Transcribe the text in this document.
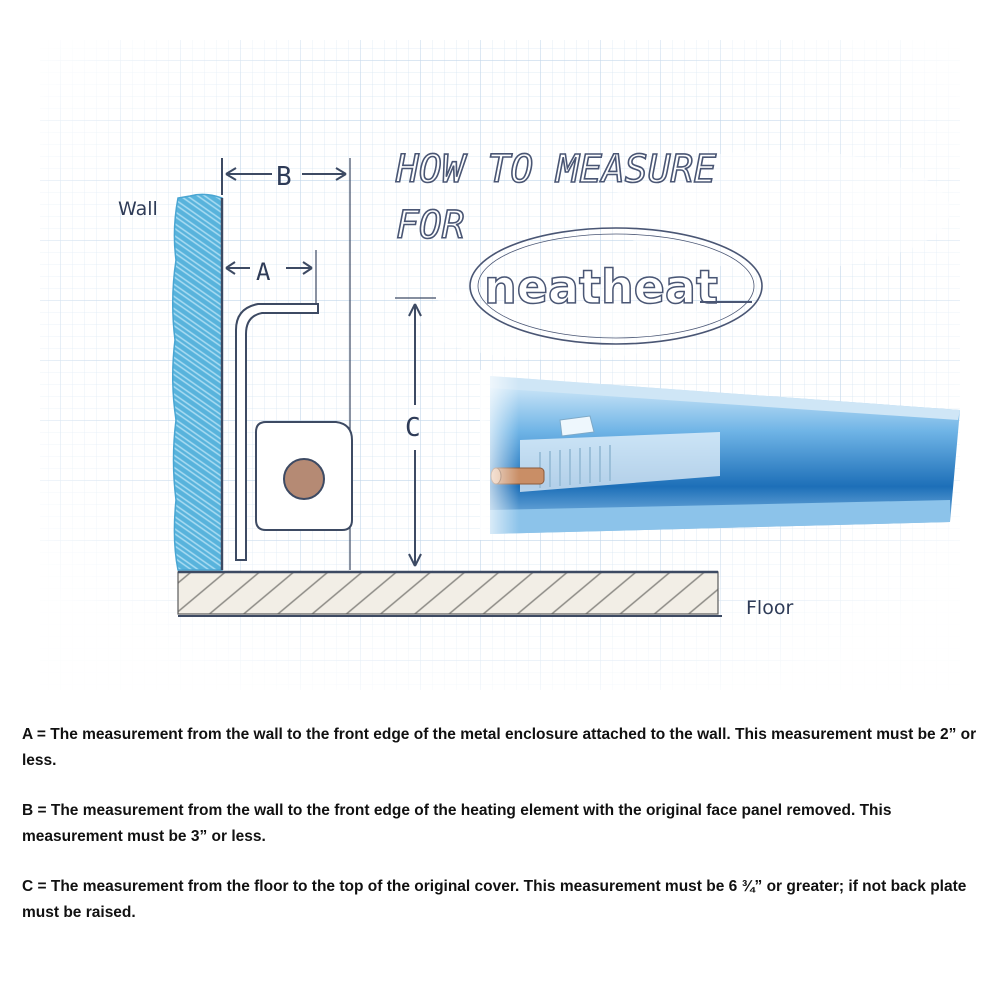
Wall
Floor
B
A
C
HOW TO MEASURE
FOR
neatheat

A = The measurement from the wall to the front edge of the metal enclosure attached to the wall. This measurement must be 2” or less.

B = The measurement from the wall to the front edge of the heating element with the original face panel removed. This measurement must be 3” or less.

C = The measurement from the floor to the top of the original cover. This measurement must be 6 ¾” or greater; if not back plate must be raised.
